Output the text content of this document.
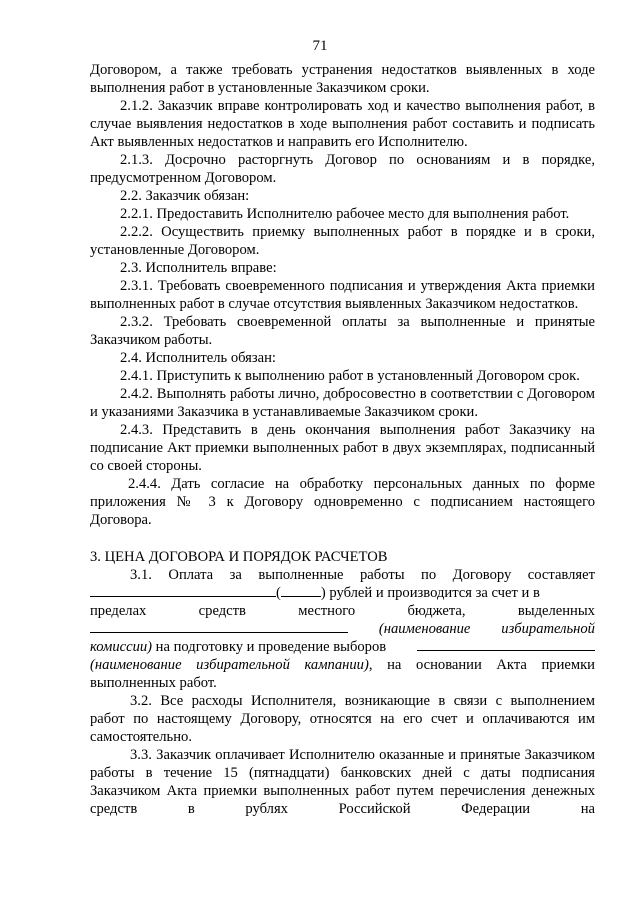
71

Договором, а также требовать устранения недостатков выявленных в ходе выполнения работ в установленные Заказчиком сроки.

2.1.2. Заказчик вправе контролировать ход и качество выполнения работ, в случае выявления недостатков в ходе выполнения работ составить и подписать Акт выявленных недостатков и направить его Исполнителю.

2.1.3. Досрочно расторгнуть Договор по основаниям и в порядке, предусмотренном Договором.

2.2. Заказчик обязан:

2.2.1. Предоставить Исполнителю рабочее место для выполнения работ.

2.2.2. Осуществить приемку выполненных работ в порядке и в сроки, установленные Договором.

2.3. Исполнитель вправе:

2.3.1. Требовать своевременного подписания и утверждения Акта приемки выполненных работ в случае отсутствия выявленных Заказчиком недостатков.

2.3.2. Требовать своевременной оплаты за выполненные и принятые Заказчиком работы.

2.4. Исполнитель обязан:

2.4.1. Приступить к выполнению работ в установленный Договором срок.

2.4.2. Выполнять работы лично, добросовестно в соответствии с Договором и указаниями Заказчика в устанавливаемые Заказчиком сроки.

2.4.3. Представить в день окончания выполнения работ Заказчику на подписание Акт приемки выполненных работ в двух экземплярах, подписанный со своей стороны.

2.4.4. Дать согласие на обработку персональных данных по форме приложения № 3 к Договору одновременно с подписанием настоящего Договора.

3. ЦЕНА ДОГОВОРА И ПОРЯДОК РАСЧЕТОВ

3.1. Оплата за выполненные работы по Договору составляет

(	) рублей и производится за счет и в
пределах	средств	местного	бюджета,	выделенных
(наименование избирательной
комиссии) на подготовку и проведение выборов

(наименование избирательной кампании), на основании Акта приемки выполненных работ.

3.2. Все расходы Исполнителя, возникающие в связи с выполнением работ по настоящему Договору, относятся на его счет и оплачиваются им самостоятельно.

3.3. Заказчик оплачивает Исполнителю оказанные и принятые Заказчиком работы в течение 15 (пятнадцати) банковских дней с даты подписания Заказчиком Акта приемки выполненных работ путем перечисления денежных средств в рублях Российской Федерации на
